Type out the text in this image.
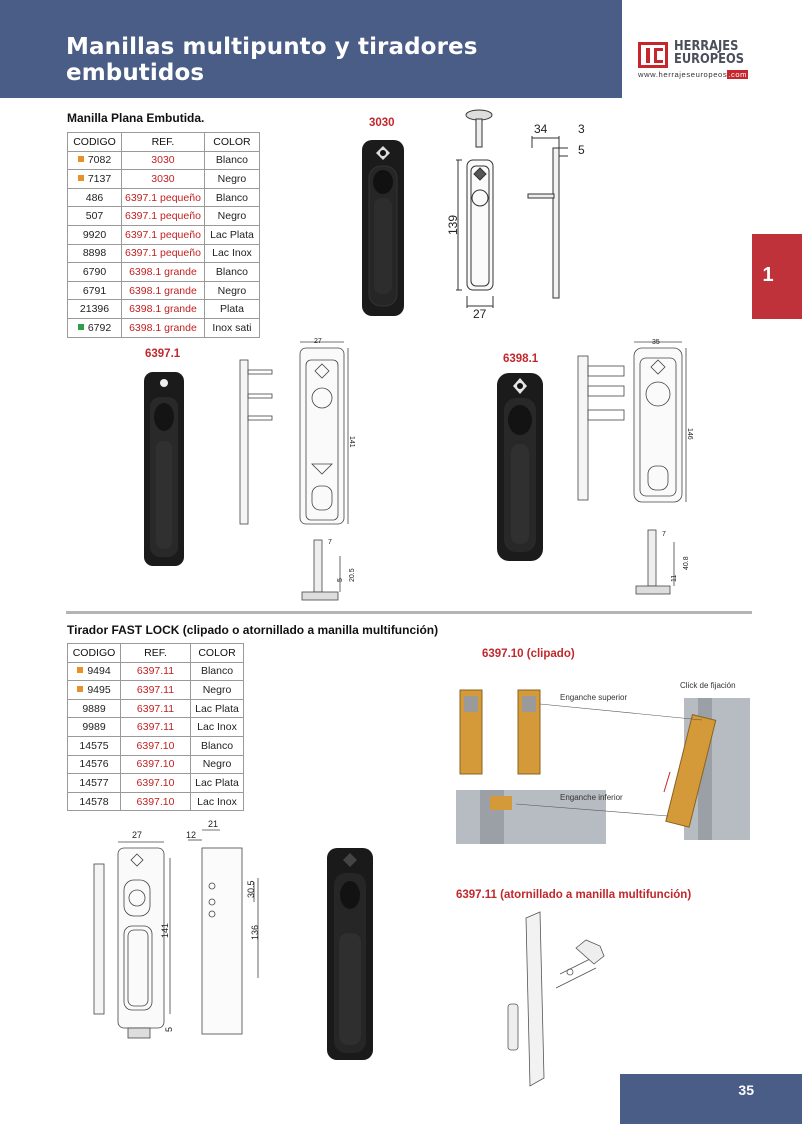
Manillas multipunto y tiradores embutidos
HERRAJES
EUROPEOS
www.herrajeseuropeos.com
1
Manilla Plana Embutida.
CODIGO	REF.	COLOR
7082	3030	Blanco
7137	3030	Negro
486	6397.1 pequeño	Blanco
507	6397.1 pequeño	Negro
9920	6397.1 pequeño	Lac Plata
8898	6397.1 pequeño	Lac Inox
6790	6398.1 grande	Blanco
6791	6398.1 grande	Negro
21396	6398.1 grande	Plata
6792	6398.1 grande	Inox sati
3030
6397.1	6398.1
139
27
34	3
5
27
141
7
5 20.5
35
146
7
11
40.8
Tirador FAST LOCK (clipado o atornillado a manilla multifunción)
CODIGO	REF.	COLOR
9494	6397.11	Blanco
9495	6397.11	Negro
9889	6397.11	Lac Plata
9989	6397.11	Lac Inox
14575	6397.10	Blanco
14576	6397.10	Negro
14577	6397.10	Lac Plata
14578	6397.10	Lac Inox
6397.10 (clipado)
6397.11 (atornillado a manilla multifunción)
Enganche superior
Enganche inferior
Click de fijación
27
141
12
21
30.5
136
5
35
